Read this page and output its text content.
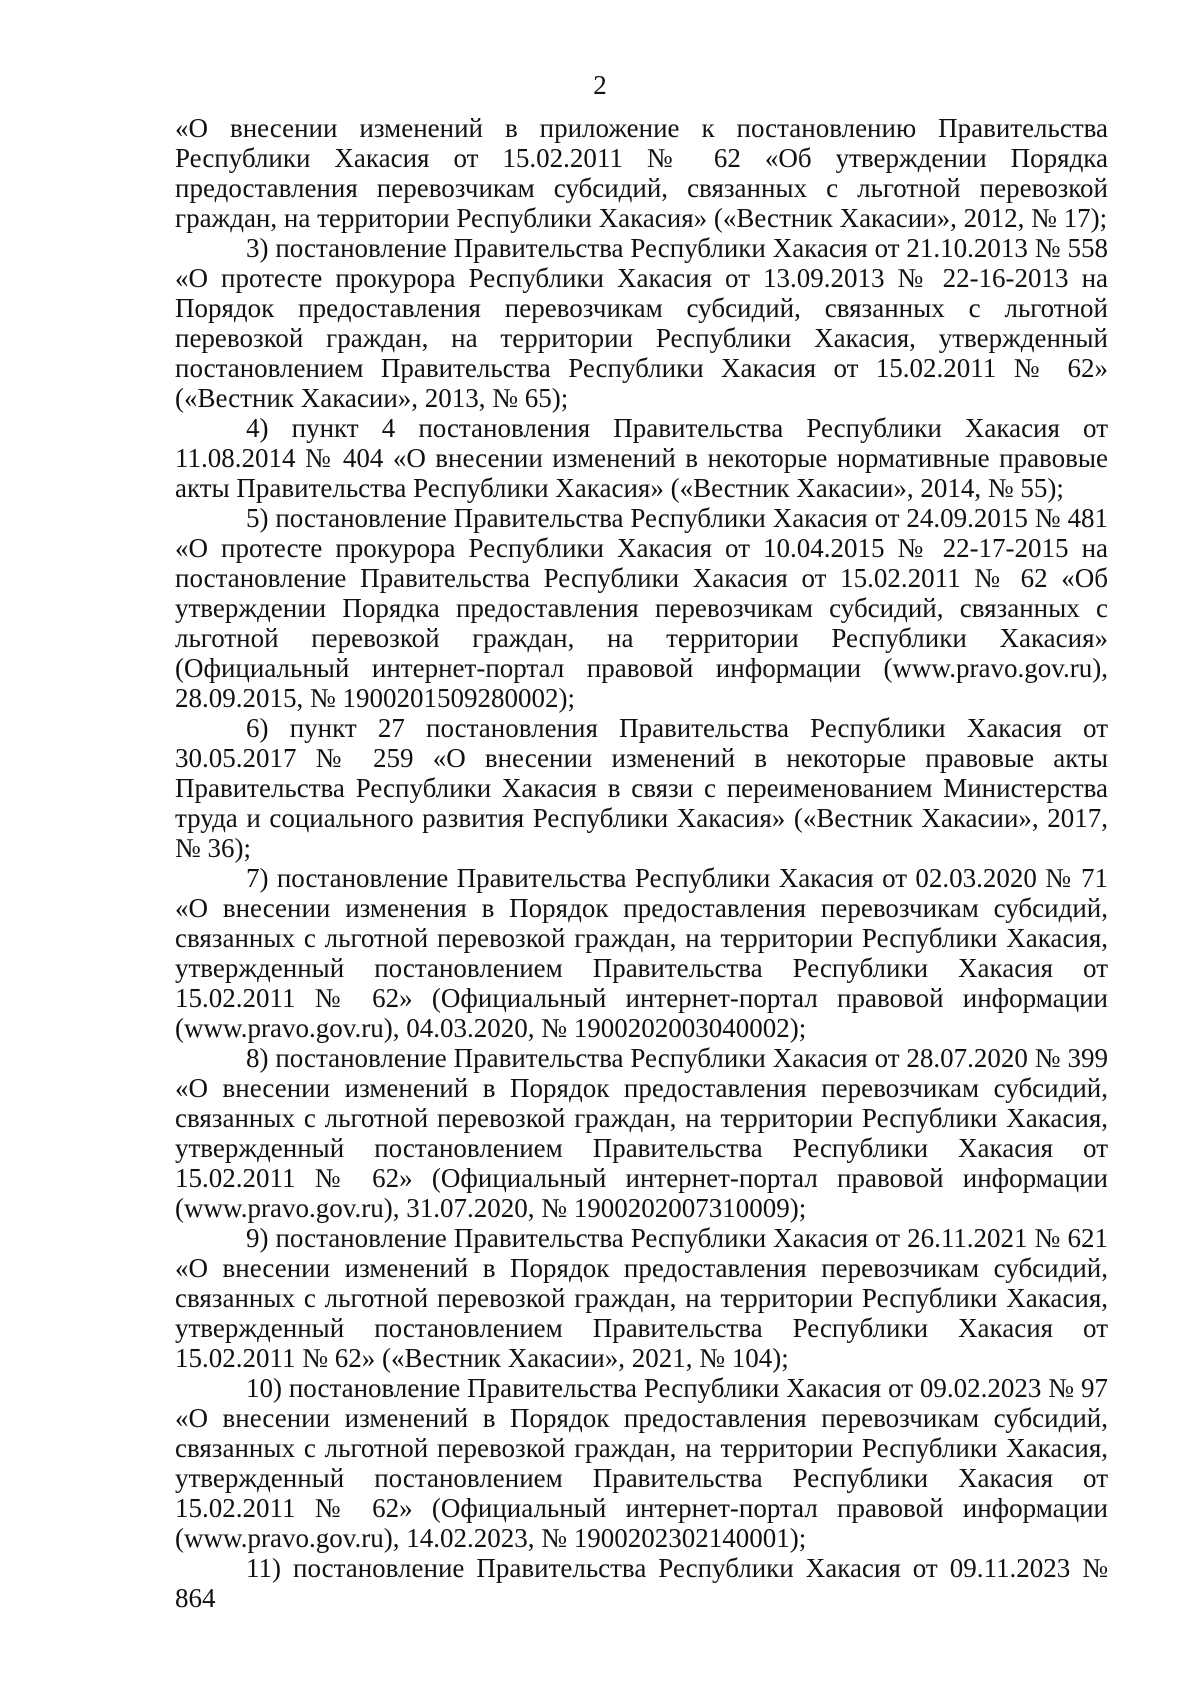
2

«О внесении изменений в приложение к постановлению Правительства Республики Хакасия от 15.02.2011 № 62 «Об утверждении Порядка предоставления перевозчикам субсидий, связанных с льготной перевозкой граждан, на территории Республики Хакасия» («Вестник Хакасии», 2012, № 17);

3) постановление Правительства Республики Хакасия от 21.10.2013 № 558 «О протесте прокурора Республики Хакасия от 13.09.2013 № 22-16-2013 на Порядок предоставления перевозчикам субсидий, связанных с льготной перевозкой граждан, на территории Республики Хакасия, утвержденный постановлением Правительства Республики Хакасия от 15.02.2011 № 62» («Вестник Хакасии», 2013, № 65);

4) пункт 4 постановления Правительства Республики Хакасия от 11.08.2014 № 404 «О внесении изменений в некоторые нормативные правовые акты Правительства Республики Хакасия» («Вестник Хакасии», 2014, № 55);

5) постановление Правительства Республики Хакасия от 24.09.2015 № 481 «О протесте прокурора Республики Хакасия от 10.04.2015 № 22-17-2015 на постановление Правительства Республики Хакасия от 15.02.2011 № 62 «Об утверждении Порядка предоставления перевозчикам субсидий, связанных с льготной перевозкой граждан, на территории Республики Хакасия» (Официальный интернет-портал правовой информации (www.pravo.gov.ru), 28.09.2015, № 1900201509280002);

6) пункт 27 постановления Правительства Республики Хакасия от 30.05.2017 № 259 «О внесении изменений в некоторые правовые акты Правительства Республики Хакасия в связи с переименованием Министерства труда и социального развития Республики Хакасия» («Вестник Хакасии», 2017, № 36);

7) постановление Правительства Республики Хакасия от 02.03.2020 № 71 «О внесении изменения в Порядок предоставления перевозчикам субсидий, связанных с льготной перевозкой граждан, на территории Республики Хакасия, утвержденный постановлением Правительства Республики Хакасия от 15.02.2011 № 62» (Официальный интернет-портал правовой информации (www.pravo.gov.ru), 04.03.2020, № 1900202003040002);

8) постановление Правительства Республики Хакасия от 28.07.2020 № 399 «О внесении изменений в Порядок предоставления перевозчикам субсидий, связанных с льготной перевозкой граждан, на территории Республики Хакасия, утвержденный постановлением Правительства Республики Хакасия от 15.02.2011 № 62» (Официальный интернет-портал правовой информации (www.pravo.gov.ru), 31.07.2020, № 1900202007310009);

9) постановление Правительства Республики Хакасия от 26.11.2021 № 621 «О внесении изменений в Порядок предоставления перевозчикам субсидий, связанных с льготной перевозкой граждан, на территории Республики Хакасия, утвержденный постановлением Правительства Республики Хакасия от 15.02.2011 № 62» («Вестник Хакасии», 2021, № 104);

10) постановление Правительства Республики Хакасия от 09.02.2023 № 97 «О внесении изменений в Порядок предоставления перевозчикам субсидий, связанных с льготной перевозкой граждан, на территории Республики Хакасия, утвержденный постановлением Правительства Республики Хакасия от 15.02.2011 № 62» (Официальный интернет-портал правовой информации (www.pravo.gov.ru), 14.02.2023, № 1900202302140001);

11) постановление Правительства Республики Хакасия от 09.11.2023 № 864
